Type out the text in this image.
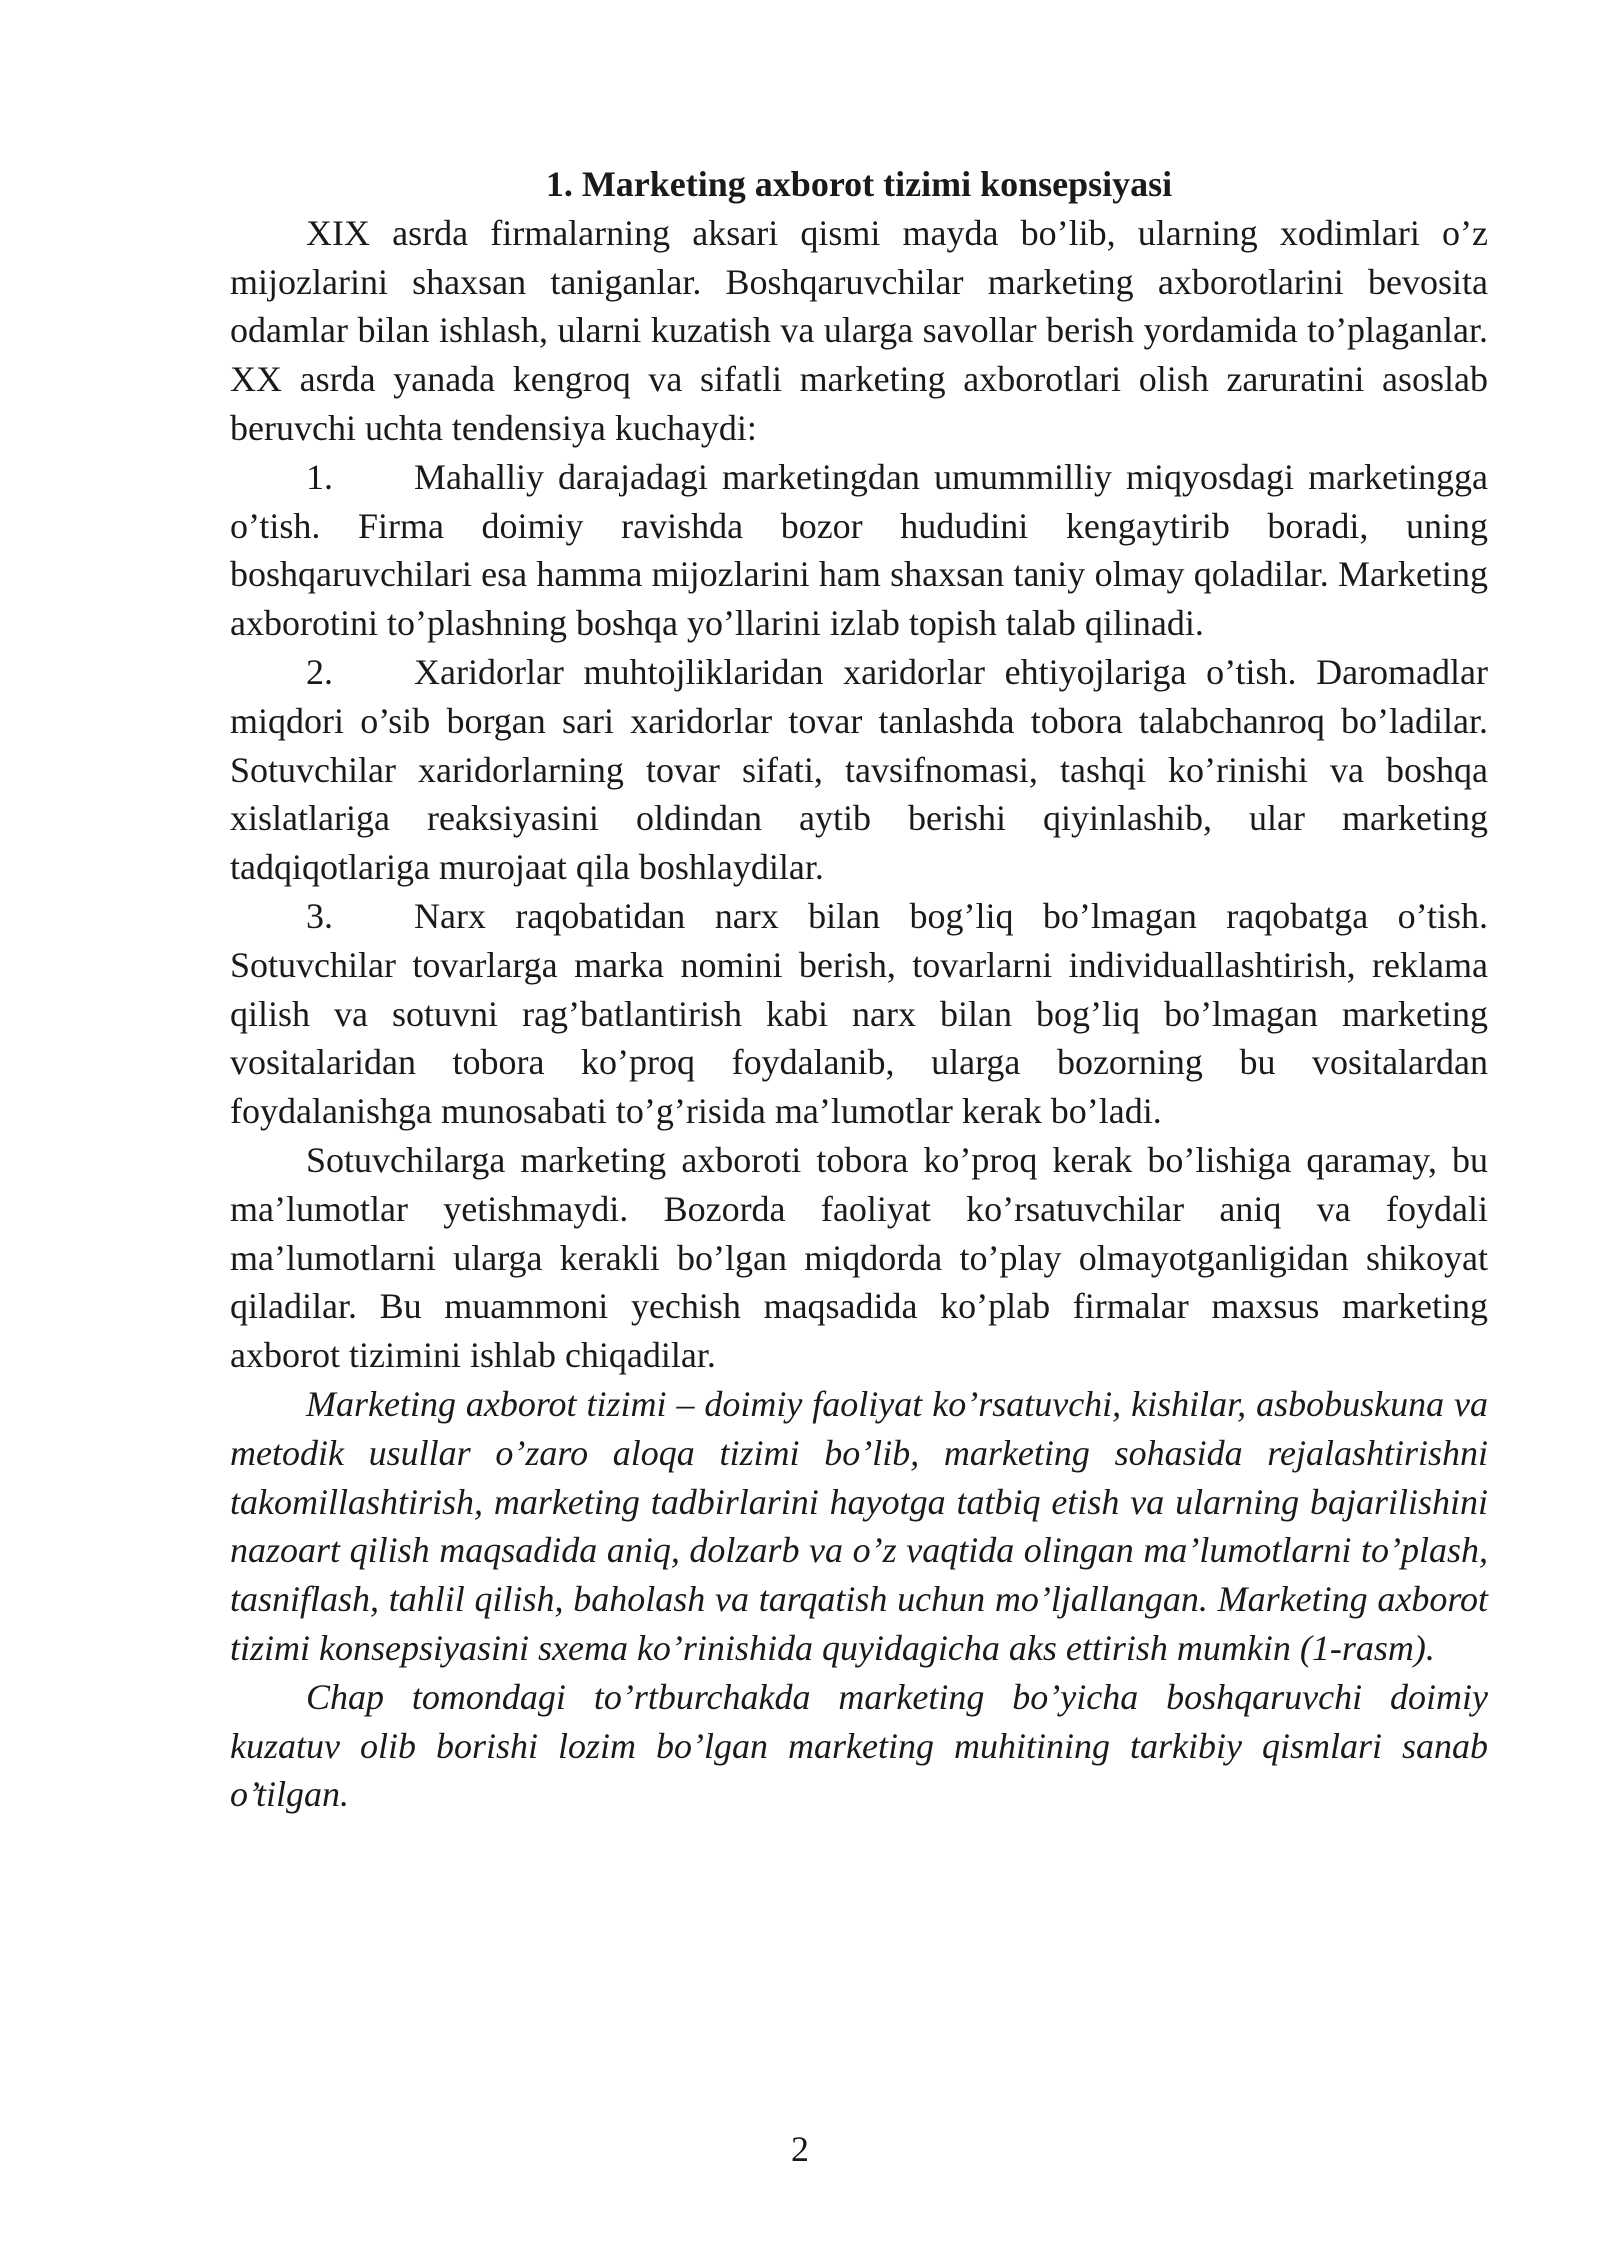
1. Marketing axborot tizimi konsepsiyasi

XIX asrda firmalarning aksari qismi mayda bo’lib, ularning xodimlari o’z mijozlarini shaxsan taniganlar. Boshqaruvchilar marketing axborotlarini bevosita odamlar bilan ishlash, ularni kuzatish va ularga savollar berish yordamida to’plaganlar. XX asrda yanada kengroq va sifatli marketing axborotlari olish zaruratini asoslab beruvchi uchta tendensiya kuchaydi:

1. Mahalliy darajadagi marketingdan umummilliy miqyosdagi marketingga o’tish. Firma doimiy ravishda bozor hududini kengaytirib boradi, uning boshqaruvchilari esa hamma mijozlarini ham shaxsan taniy olmay qoladilar. Marketing axborotini to’plashning boshqa yo’llarini izlab topish talab qilinadi.

2. Xaridorlar muhtojliklaridan xaridorlar ehtiyojlariga o’tish. Daromadlar miqdori o’sib borgan sari xaridorlar tovar tanlashda tobora talabchanroq bo’ladilar. Sotuvchilar xaridorlarning tovar sifati, tavsifnomasi, tashqi ko’rinishi va boshqa xislatlariga reaksiyasini oldindan aytib berishi qiyinlashib, ular marketing tadqiqotlariga murojaat qila boshlaydilar.

3. Narx raqobatidan narx bilan bog’liq bo’lmagan raqobatga o’tish. Sotuvchilar tovarlarga marka nomini berish, tovarlarni individuallashtirish, reklama qilish va sotuvni rag’batlantirish kabi narx bilan bog’liq bo’lmagan marketing vositalaridan tobora ko’proq foydalanib, ularga bozorning bu vositalardan foydalanishga munosabati to’g’risida ma’lumotlar kerak bo’ladi.

Sotuvchilarga marketing axboroti tobora ko’proq kerak bo’lishiga qaramay, bu ma’lumotlar yetishmaydi. Bozorda faoliyat ko’rsatuvchilar aniq va foydali ma’lumotlarni ularga kerakli bo’lgan miqdorda to’play olmayotganligidan shikoyat qiladilar. Bu muammoni yechish maqsadida ko’plab firmalar maxsus marketing axborot tizimini ishlab chiqadilar.

Marketing axborot tizimi – doimiy faoliyat ko’rsatuvchi, kishilar, asbobuskuna va metodik usullar o’zaro aloqa tizimi bo’lib, marketing sohasida rejalashtirishni takomillashtirish, marketing tadbirlarini hayotga tatbiq etish va ularning bajarilishini nazoart qilish maqsadida aniq, dolzarb va o’z vaqtida olingan ma’lumotlarni to’plash, tasniflash, tahlil qilish, baholash va tarqatish uchun mo’ljallangan. Marketing axborot tizimi konsepsiyasini sxema ko’rinishida quyidagicha aks ettirish mumkin (1-rasm).

Chap tomondagi to’rtburchakda marketing bo’yicha boshqaruvchi doimiy kuzatuv olib borishi lozim bo’lgan marketing muhitining tarkibiy qismlari sanab o’tilgan.

2
